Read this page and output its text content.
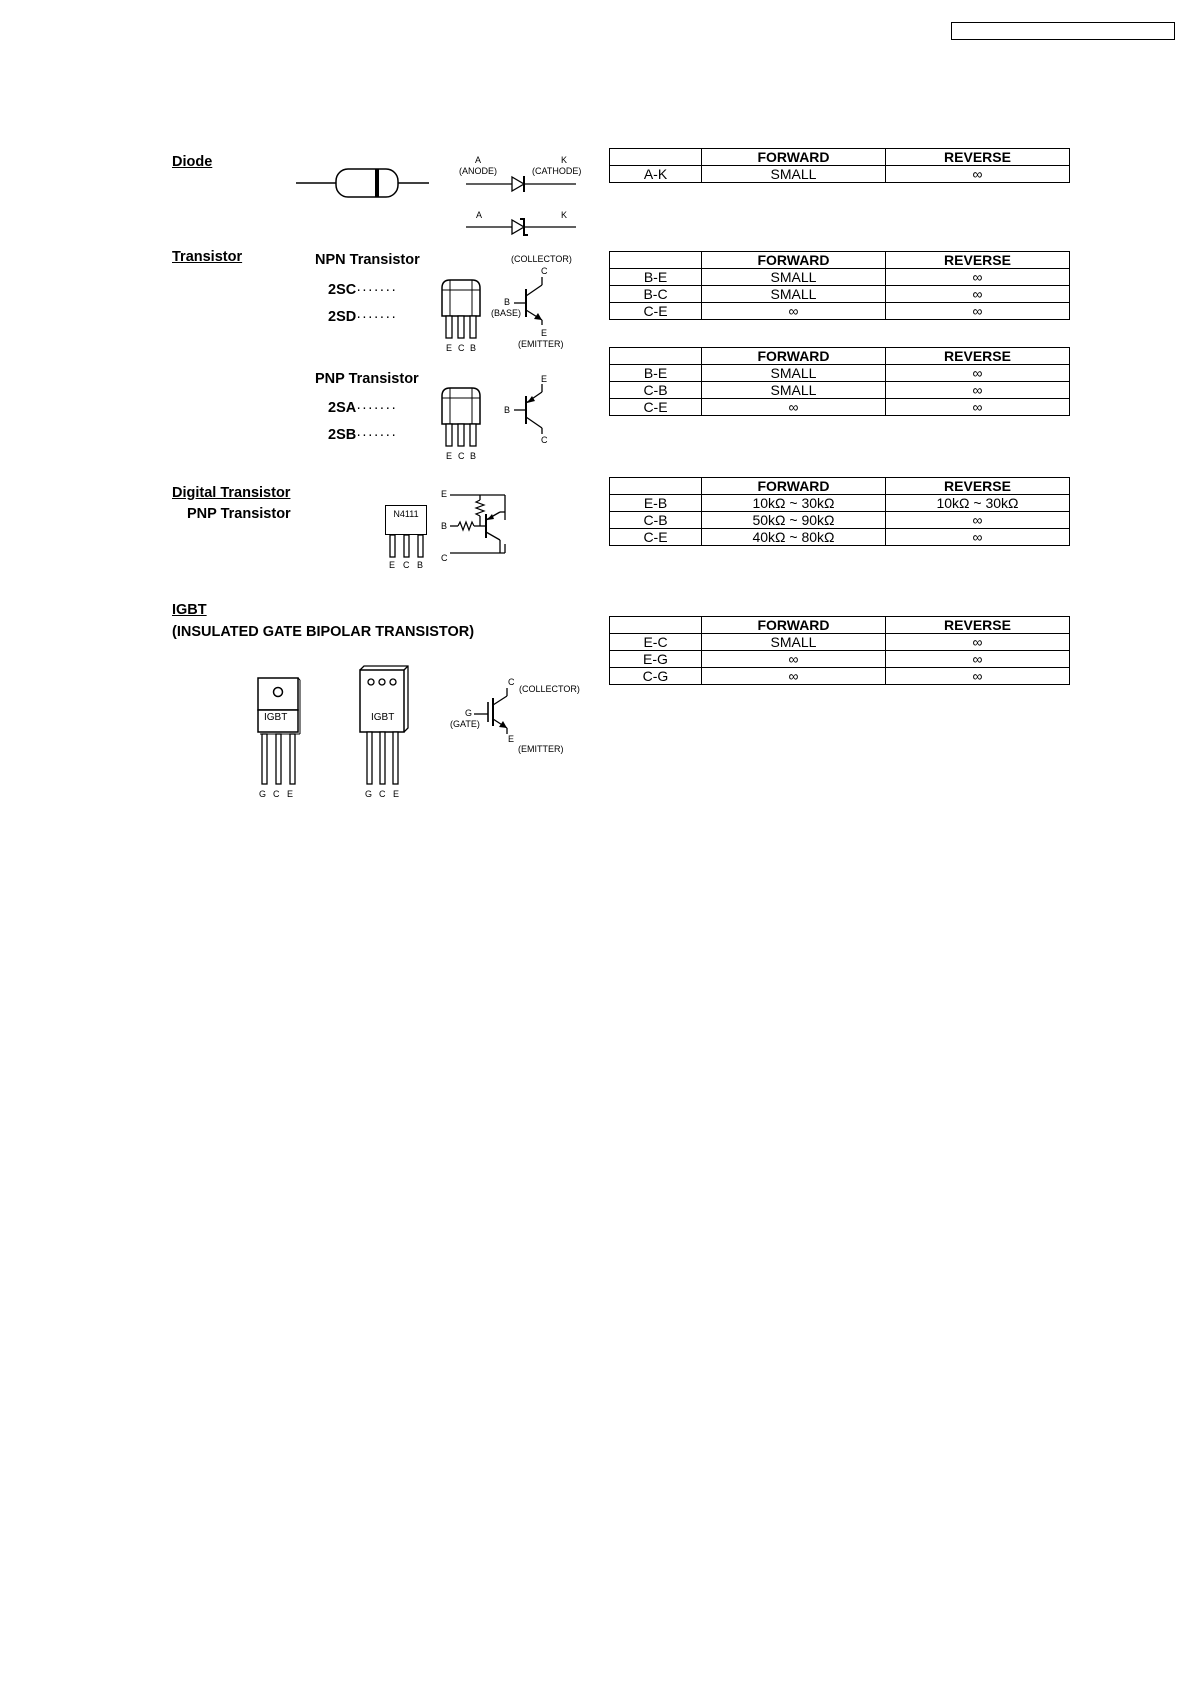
Diode	A
(ANODE)
K
(CATHODE)
A	K
	FORWARD	REVERSE
A-K	SMALL	∞
Transistor	NPN Transistor
2SC·······
2SD·······
E C B
(COLLECTOR)
C
B
(BASE)
E
(EMITTER)
	FORWARD	REVERSE
B-E	SMALL	∞
B-C	SMALL	∞
C-E	∞	∞
PNP Transistor
2SA·······
2SB·······
E C B
E
B
C
	FORWARD	REVERSE
B-E	SMALL	∞
C-B	SMALL	∞
C-E	∞	∞
Digital Transistor
PNP Transistor	N4111
E C B
E
B
C
	FORWARD	REVERSE
E-B	10kΩ ~ 30kΩ	10kΩ ~ 30kΩ
C-B	50kΩ ~ 90kΩ	∞
C-E	40kΩ ~ 80kΩ	∞
IGBT
(INSULATED GATE BIPOLAR TRANSISTOR)
IGBT
G C E
IGBT
G C E
C
(COLLECTOR)
G
(GATE)
E
(EMITTER)
	FORWARD	REVERSE
E-C	SMALL	∞
E-G	∞	∞
C-G	∞	∞
